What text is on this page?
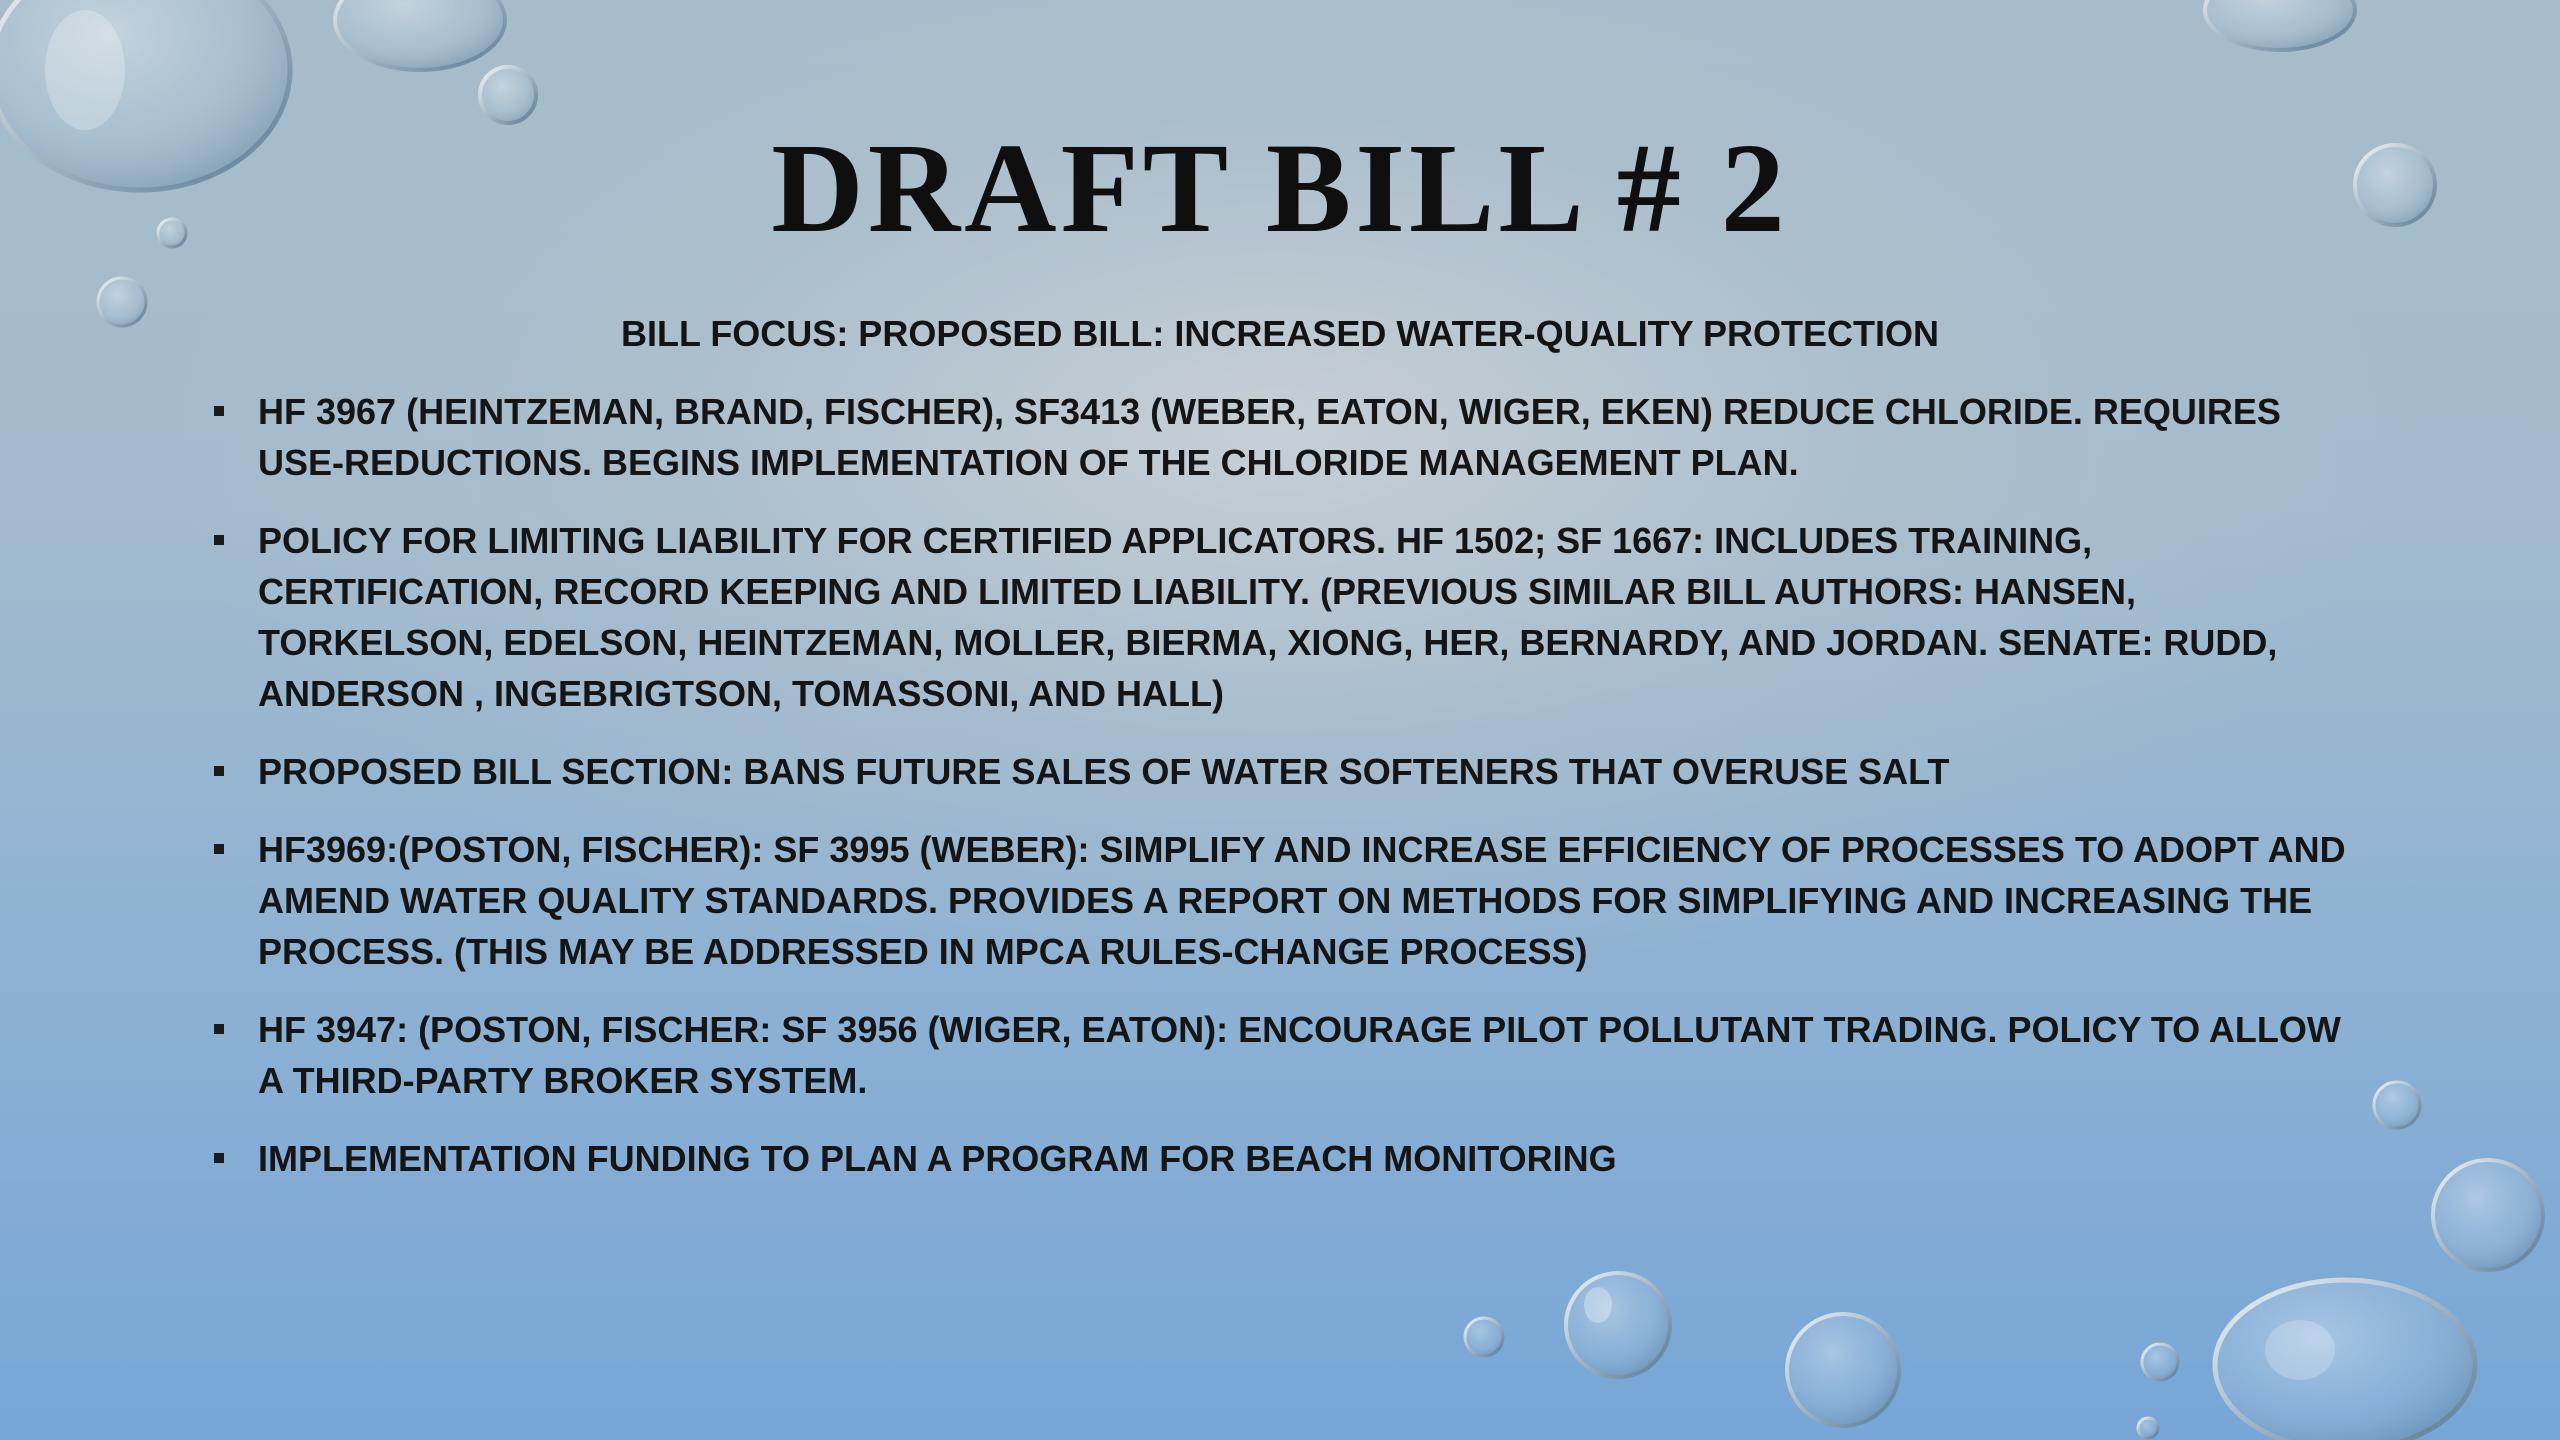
DRAFT BILL # 2

BILL FOCUS: PROPOSED BILL: INCREASED WATER-QUALITY PROTECTION

HF 3967 (HEINTZEMAN, BRAND, FISCHER), SF3413 (WEBER, EATON, WIGER, EKEN) REDUCE CHLORIDE. REQUIRES USE-REDUCTIONS. BEGINS IMPLEMENTATION OF THE CHLORIDE MANAGEMENT PLAN.
POLICY FOR LIMITING LIABILITY FOR CERTIFIED APPLICATORS. HF 1502; SF 1667: INCLUDES TRAINING, CERTIFICATION, RECORD KEEPING AND LIMITED LIABILITY. (PREVIOUS SIMILAR BILL AUTHORS: HANSEN, TORKELSON, EDELSON, HEINTZEMAN, MOLLER, BIERMA, XIONG, HER, BERNARDY, AND JORDAN. SENATE: RUDD, ANDERSON , INGEBRIGTSON, TOMASSONI, AND HALL)
PROPOSED BILL SECTION: BANS FUTURE SALES OF WATER SOFTENERS THAT OVERUSE SALT
HF3969:(POSTON, FISCHER): SF 3995 (WEBER): SIMPLIFY AND INCREASE EFFICIENCY OF PROCESSES TO ADOPT AND AMEND WATER QUALITY STANDARDS. PROVIDES A REPORT ON METHODS FOR SIMPLIFYING AND INCREASING THE PROCESS. (THIS MAY BE ADDRESSED IN MPCA RULES-CHANGE PROCESS)
HF 3947: (POSTON, FISCHER: SF 3956 (WIGER, EATON): ENCOURAGE PILOT POLLUTANT TRADING. POLICY TO ALLOW A THIRD-PARTY BROKER SYSTEM.
IMPLEMENTATION FUNDING TO PLAN A PROGRAM FOR BEACH MONITORING
